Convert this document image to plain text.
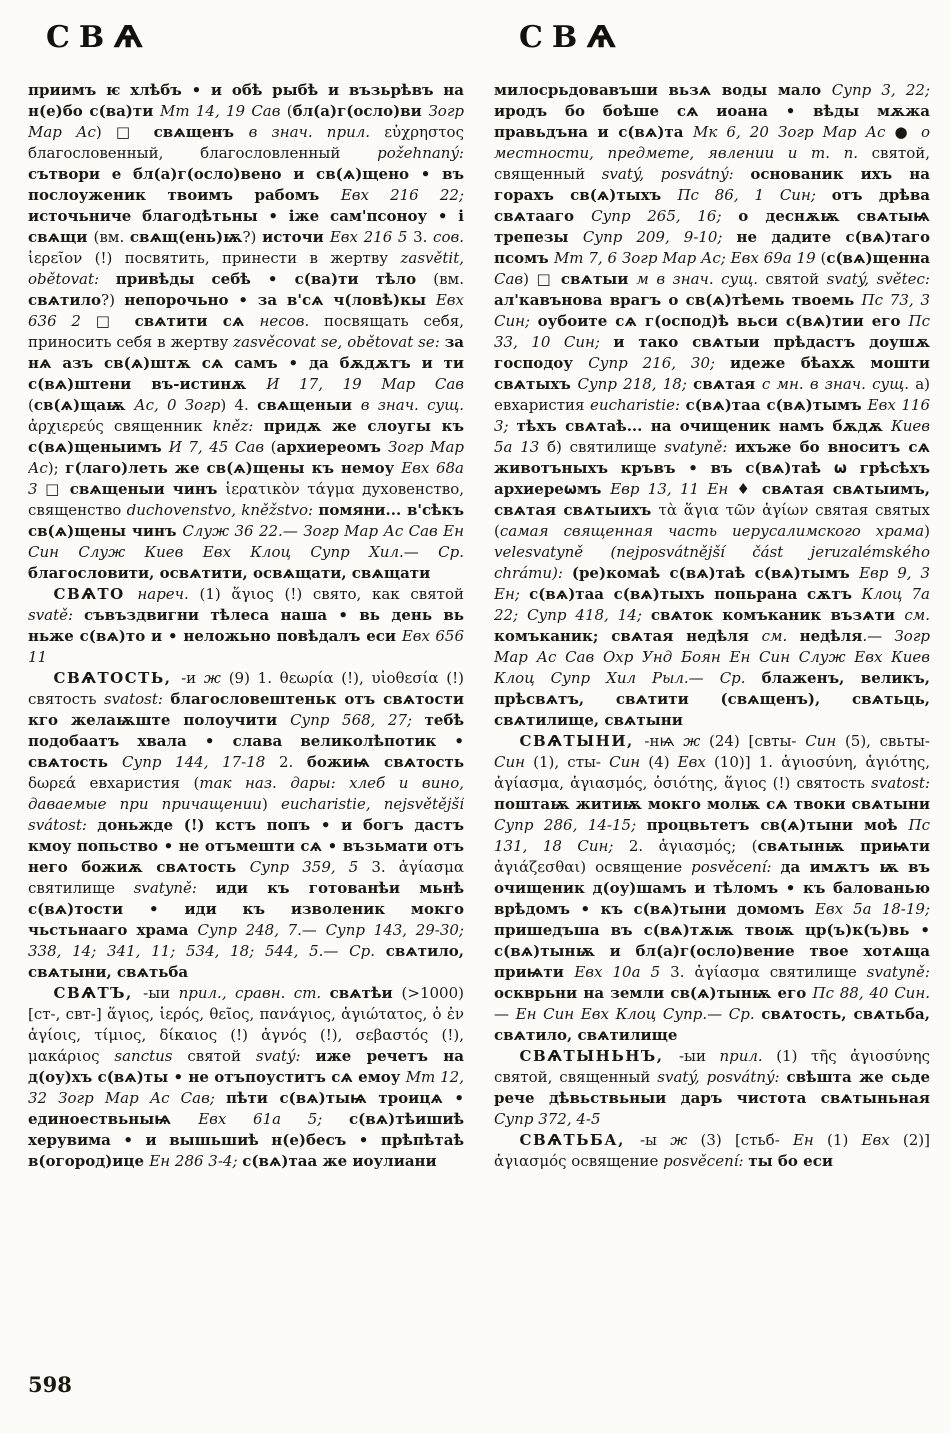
СВѦ	СВѦ

приимъ ѥ хлѣбъ • и обѣ рыбѣ и възьрѣвъ на н(е)бо с(ва)ти Мт 14, 19 Сав (бл(а)г(осло)ви Зогр Мар Ас) □ свѧщенъ в знач. прил. εὐχρηστος благословенный, благословленный požehnaný: сътвори е бл(а)г(осло)вено и св(ѧ)щено • въ послоуженик твоимъ рабомъ Евх 216 22; источьниче благодѣтьны • іже сам'псоноу • і свѧщи (вм. свѧщ(ень)ѭ?) источи Евх 216 5 3. сов. ἱερεῖον (!) посвятить, принести в жертву zasvětit, obětovat: привѣды себѣ • с(ва)ти тѣло (вм. свѧтило?) непорочьно • за в'сѧ ч(ловѣ)кы Евх 636 2 □ свѧтити сѧ несов. посвящать себя, приносить себя в жертву zasvěcovat se, obětovat se: за нѧ азъ св(ѧ)штѫ сѧ самъ • да бѫдѫтъ и ти с(вѧ)штени въ-истинѫ И 17, 19 Мар Сав (св(ѧ)щаѭ Ас, 0 Зогр) 4. свѧщеныи в знач. сущ. ἀρχιερεύς священник kněz: придѫ же слоугы къ с(вѧ)щеныимъ И 7, 45 Сав (архиереомъ Зогр Мар Ас); г(лаго)леть же св(ѧ)щены къ немоу Евх 68а 3 □ свѧщеныи чинъ ἱερατικὸν τάγμα духовенство, священство duchovenstvo, kněžstvo: помяни... в'сѣкъ св(ѧ)щены чинъ Служ 36 22.— Зогр Мар Ас Сав Ен Син Служ Киев Евх Клоц Супр Хил.— Ср. благословити, освѧтити, освѧщати, свѧщати

СВѦТО нареч. (1) ἅγιος (!) свято, как святой svatě: съвъздвигни тѣлеса наша • вь день вь ньже с(вѧ)то и • неложьно повѣдалъ еси Евх 656 11

СВѦТОСТЬ, -и ж (9) 1. θεωρία (!), υἱοθεσία (!) святость svatost: благословештеньк отъ свѧтости кго желаѭште полоучити Супр 568, 27; тебѣ подобаатъ хвала • слава великолѣпотик • свѧтость Супр 144, 17-18 2. божиѩ свѧтость δωρεά евхаристия (так наз. дары: хлеб и вино, даваемые при причащении) eucharistie, nejsvětější svátost: доньжде (!) кстъ попъ • и богъ дастъ кмоу попьство • не отъмешти сѧ • възьмати отъ него божиѫ свѧтость Супр 359, 5 3. ἁγίασμα святилище svatyně: иди къ готованѣи мьнѣ с(вѧ)тости • иди къ изволеник мокго чьстьнааго храма Супр 248, 7.— Супр 143, 29-30; 338, 14; 341, 11; 534, 18; 544, 5.— Ср. свѧтило, свѧтыни, свѧтьба

СВѦТЪ, -ыи прил., сравн. ст. свѧтѣи (>1000) [ст-, свт-] ἅγιος, ἱερός, θεῖος, πανάγιος, ἁγιώτατος, ὁ ἐν ἁγίοις, τίμιος, δίκαιος (!) ἁγνός (!), σεβαστός (!), μακάριος sanctus святой svatý: иже речетъ на д(оу)хъ с(вѧ)ты • не отъпоуститъ сѧ емоу Мт 12, 32 Зогр Мар Ас Сав; пѣти с(вѧ)тыѩ троицѧ • единоествьныѩ Евх 61а 5; с(вѧ)тѣишиѣ херувима • и вышьшиѣ н(е)бесъ • прѣпѣтаѣ в(огород)ице Ен 286 3-4; с(вѧ)таа же иоулиани

милосрьдовавъши вьзѧ воды мало Супр 3, 22; иродъ бо боѣше сѧ иоана • вѣды мѫжа правьдъна и с(вѧ)та Мк 6, 20 Зогр Мар Ас ● о местности, предмете, явлении и т. п. святой, священный svatý, posvátný: основаник ихъ на горахъ св(ѧ)тыхъ Пс 86, 1 Син; отъ дрѣва свѧтааго Супр 265, 16; о деснѫѭ свѧтыѩ трепезы Супр 209, 9-10; не дадите с(вѧ)таго псомъ Мт 7, 6 Зогр Мар Ас; Евх 69а 19 (с(вѧ)щенна Сав) □ свѧтыи м в знач. сущ. святой svatý, světec: ал'кавънова врагъ о св(ѧ)тѣемь твоемь Пс 73, 3 Син; оубоите сѧ г(оспод)ѣ вьси с(вѧ)тии его Пс 33, 10 Син; и тако свѧтыи прѣдастъ доушѫ господоу Супр 216, 30; идеже бѣахѫ мошти свѧтыхъ Супр 218, 18; свѧтая с мн. в знач. сущ. а) евхаристия eucharistie: с(вѧ)таа с(вѧ)тымъ Евх 116 3; тѣхъ свѧтаѣ... на очищеник намъ бѫдѫ Киев 5а 13 б) святилище svatyně: ихъже бо вноситъ сѧ животъныхъ кръвъ • въ с(вѧ)таѣ ѡ грѣсѣхъ архиереѡмъ Евр 13, 11 Ен ♦ свѧтая свѧтыимъ, свѧтая свѧтыихъ τὰ ἅγια τῶν ἁγίων святая святых (самая священная часть иерусалимского храма) velesvatyně (nejposvátnější část jeruzalémského chrámu): (ре)комаѣ с(вѧ)таѣ с(вѧ)тымъ Евр 9, 3 Ен; с(вѧ)таа с(вѧ)тыхъ попьрана сѫтъ Клоц 7а 22; Супр 418, 14; свѧток комъканик възѧти см. комъканик; свѧтая недѣля см. недѣля.— Зогр Мар Ас Сав Охр Унд Боян Ен Син Служ Евх Киев Клоц Супр Хил Рыл.— Ср. блаженъ, великъ, прѣсвѧтъ, свѧтити (свѧщенъ), свѧтьць, свѧтилище, свѧтыни

СВѦТЫНИ, -нѩ ж (24) [свты- Син (5), свьты- Син (1), сты- Син (4) Евх (10)] 1. ἁγιοσύνη, ἁγιότης, ἁγίασμα, ἁγιασμός, ὁσιότης, ἅγιος (!) святость svatost: поштаѭ житиѭ мокго молѭ сѧ твоки свѧтыни Супр 286, 14-15; процвьтетъ св(ѧ)тыни моѣ Пс 131, 18 Син; 2. ἁγιασμός; (свѧтынѭ приѩти ἁγιάζεσθαι) освящение posvěcení: да имѫтъ ѭ въ очищеник д(оу)шамъ и тѣломъ • къ балованью врѣдомъ • къ с(вѧ)тыни домомъ Евх 5а 18-19; пришедъша въ с(вѧ)тѫѭ твоѭ цр(ъ)к(ъ)вь • с(вѧ)тынѭ и бл(а)г(осло)вение твое хотѧща приѩти Евх 10а 5 3. ἁγίασμα святилище svatyně: оскврьни на земли св(ѧ)тынѭ его Пс 88, 40 Син.— Ен Син Евх Клоц Супр.— Ср. свѧтость, свѧтьба, свѧтило, свѧтилище

СВѦТЫНЬНЪ, -ыи прил. (1) τῆς ἁγιοσύνης святой, священный svatý, posvátný: свѣшта же сьде рече дѣвьствьныи даръ чистота свѧтыньная Супр 372, 4-5

СВѦТЬБА, -ы ж (3) [стьб- Ен (1) Евх (2)] ἁγιασμός освящение posvěcení: ты бо еси

598
